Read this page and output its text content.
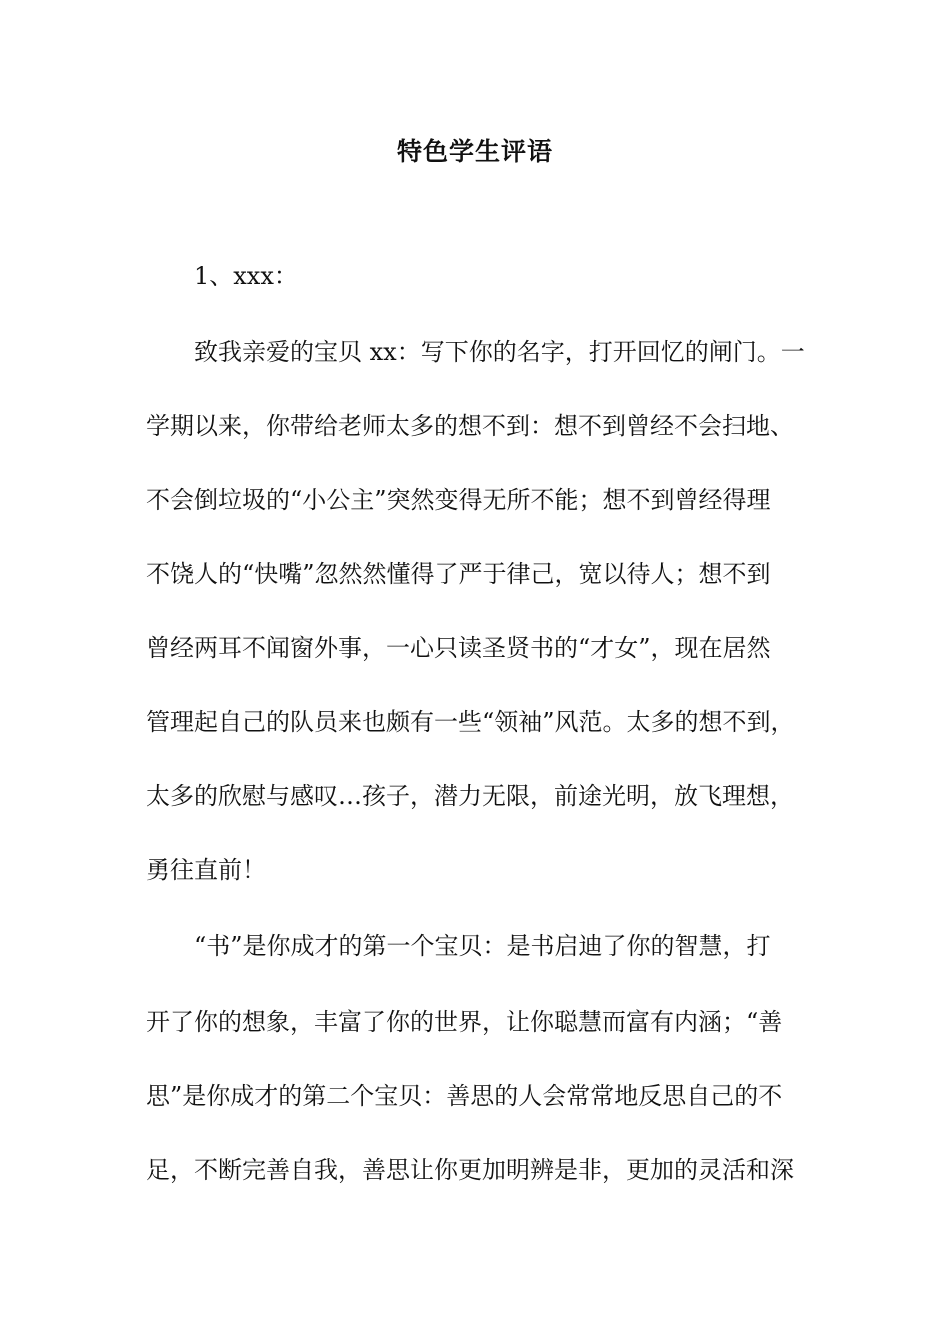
特色学生评语
1、xxx：
致我亲爱的宝贝 xx：写下你的名字，打开回忆的闸门。一
学期以来，你带给老师太多的想不到：想不到曾经不会扫地、
不会倒垃圾的“小公主”突然变得无所不能；想不到曾经得理
不饶人的“快嘴”忽然然懂得了严于律己，宽以待人；想不到
曾经两耳不闻窗外事，一心只读圣贤书的“才女”，现在居然
管理起自己的队员来也颇有一些“领袖”风范。太多的想不到，
太多的欣慰与感叹…孩子，潜力无限，前途光明，放飞理想，
勇往直前！
“书”是你成才的第一个宝贝：是书启迪了你的智慧，打
开了你的想象，丰富了你的世界，让你聪慧而富有内涵；“善
思”是你成才的第二个宝贝：善思的人会常常地反思自己的不
足，不断完善自我，善思让你更加明辨是非，更加的灵活和深
